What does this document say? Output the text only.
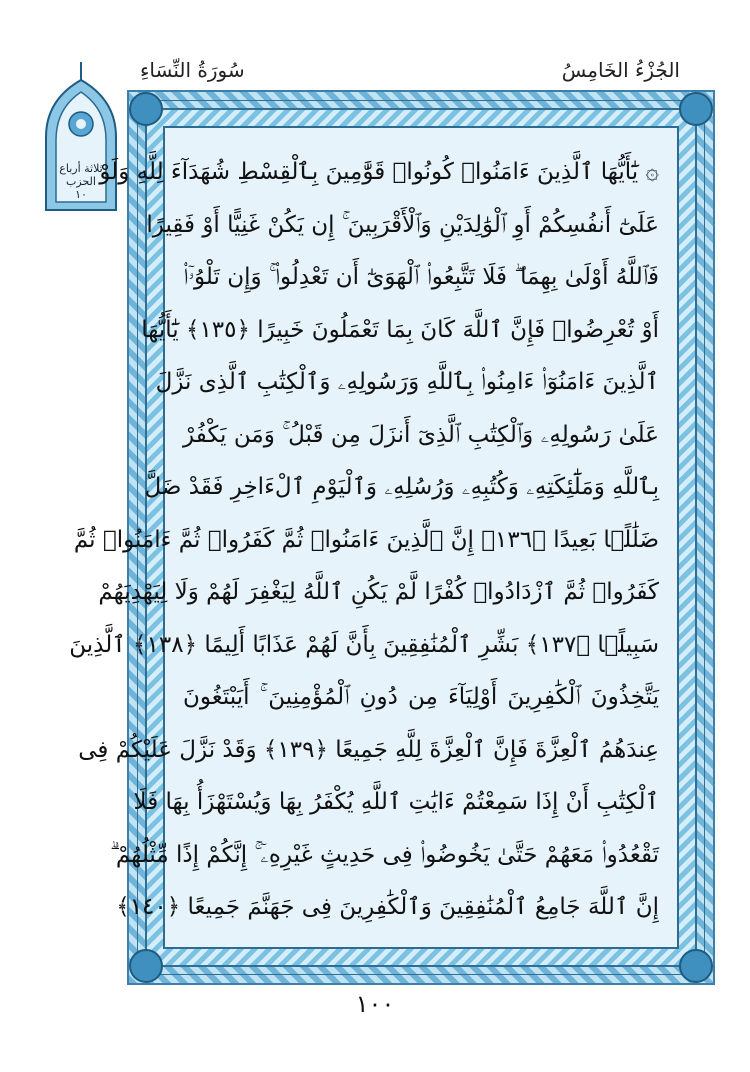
سُورَةُ النِّسَاءِ	الجُزْءُ الخَامِسُ
ثلاثة أرباع
الحزب
١٠
۞ يَٰٓأَيُّهَا ٱلَّذِينَ ءَامَنُوا۟ كُونُوا۟ قَوَّٰمِينَ بِٱلْقِسْطِ شُهَدَآءَ لِلَّهِ وَلَوْ
عَلَىٰٓ أَنفُسِكُمْ أَوِ ٱلْوَٰلِدَيْنِ وَٱلْأَقْرَبِينَ ۚ إِن يَكُنْ غَنِيًّا أَوْ فَقِيرًا
فَٱللَّهُ أَوْلَىٰ بِهِمَا ۖ فَلَا تَتَّبِعُوا۟ ٱلْهَوَىٰٓ أَن تَعْدِلُوا۟ ۚ وَإِن تَلْوُۥٓا۟
أَوْ تُعْرِضُوا۟ فَإِنَّ ٱللَّهَ كَانَ بِمَا تَعْمَلُونَ خَبِيرًا ﴿١٣٥﴾ يَٰٓأَيُّهَا
ٱلَّذِينَ ءَامَنُوٓا۟ ءَامِنُوا۟ بِٱللَّهِ وَرَسُولِهِۦ وَٱلْكِتَٰبِ ٱلَّذِى نَزَّلَ
عَلَىٰ رَسُولِهِۦ وَٱلْكِتَٰبِ ٱلَّذِىٓ أَنزَلَ مِن قَبْلُ ۚ وَمَن يَكْفُرْ
بِٱللَّهِ وَمَلَٰٓئِكَتِهِۦ وَكُتُبِهِۦ وَرُسُلِهِۦ وَٱلْيَوْمِ ٱلْءَاخِرِ فَقَدْ ضَلَّ
ضَلَٰلًۢا بَعِيدًا ﴿١٣٦﴾ إِنَّ ٱلَّذِينَ ءَامَنُوا۟ ثُمَّ كَفَرُوا۟ ثُمَّ ءَامَنُوا۟ ثُمَّ
كَفَرُوا۟ ثُمَّ ٱزْدَادُوا۟ كُفْرًا لَّمْ يَكُنِ ٱللَّهُ لِيَغْفِرَ لَهُمْ وَلَا لِيَهْدِيَهُمْ
سَبِيلًۢا ﴿١٣٧﴾ بَشِّرِ ٱلْمُنَٰفِقِينَ بِأَنَّ لَهُمْ عَذَابًا أَلِيمًا ﴿١٣٨﴾ ٱلَّذِينَ
يَتَّخِذُونَ ٱلْكَٰفِرِينَ أَوْلِيَآءَ مِن دُونِ ٱلْمُؤْمِنِينَ ۚ أَيَبْتَغُونَ
عِندَهُمُ ٱلْعِزَّةَ فَإِنَّ ٱلْعِزَّةَ لِلَّهِ جَمِيعًا ﴿١٣٩﴾ وَقَدْ نَزَّلَ عَلَيْكُمْ فِى
ٱلْكِتَٰبِ أَنْ إِذَا سَمِعْتُمْ ءَايَٰتِ ٱللَّهِ يُكْفَرُ بِهَا وَيُسْتَهْزَأُ بِهَا فَلَا
تَقْعُدُوا۟ مَعَهُمْ حَتَّىٰ يَخُوضُوا۟ فِى حَدِيثٍ غَيْرِهِۦٓ ۚ إِنَّكُمْ إِذًا مِّثْلُهُمْ ۗ
إِنَّ ٱللَّهَ جَامِعُ ٱلْمُنَٰفِقِينَ وَٱلْكَٰفِرِينَ فِى جَهَنَّمَ جَمِيعًا ﴿١٤٠﴾
١٠٠
